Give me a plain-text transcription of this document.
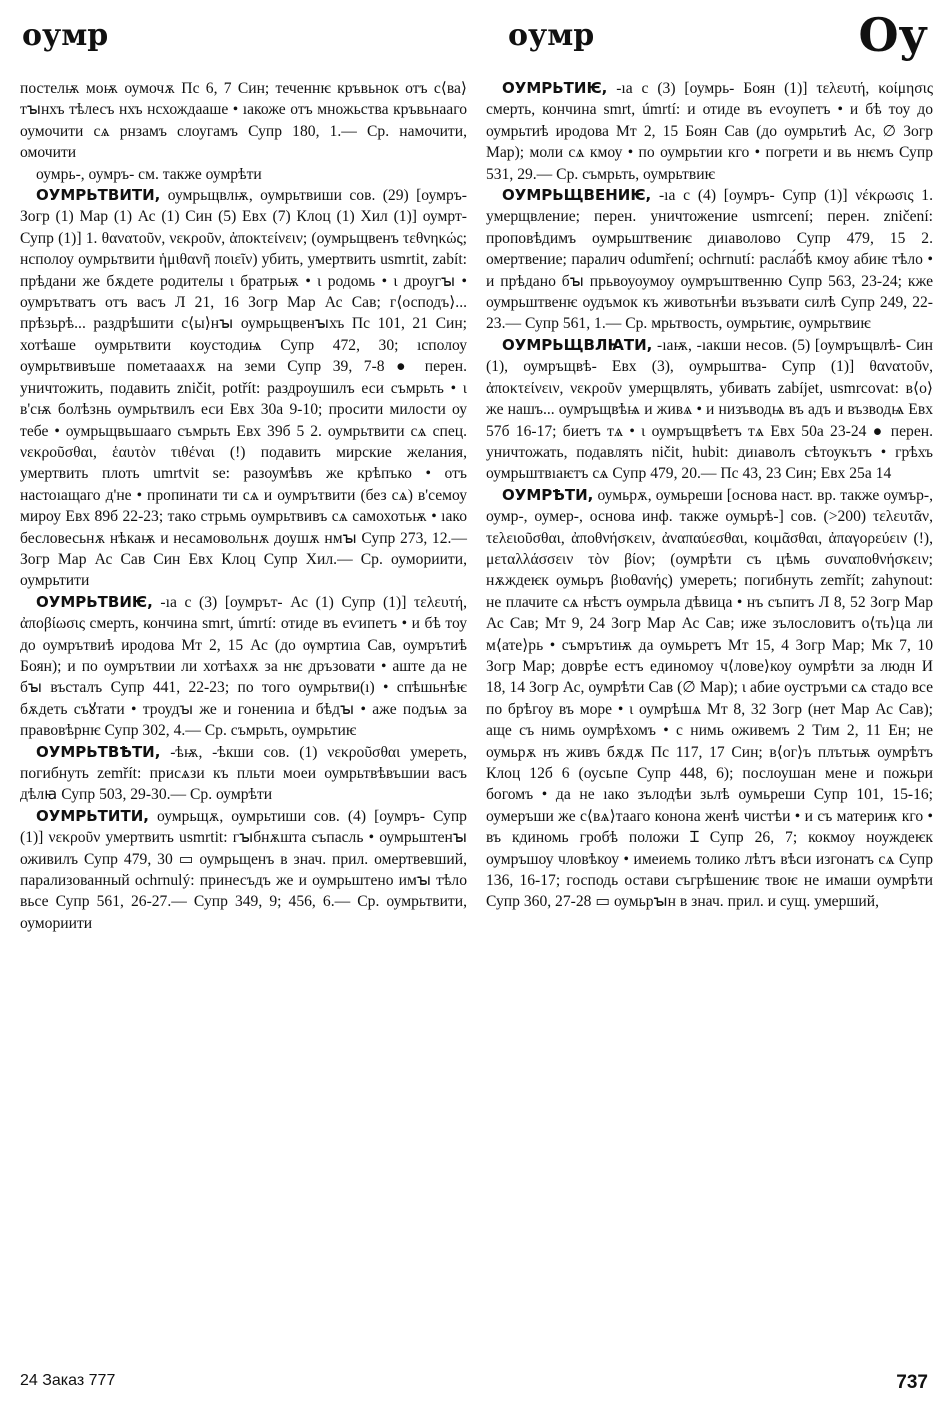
оумр	оумр	Оу

постелѭ моѭ оумочѫ Пс 6, 7 Син; теченнѥ кръвьнок отъ с⟨ва⟩тꙑнхъ тѣлесъ нхъ нсхождааше • ıакоже отъ множьства кръвьнааго оумочити сѧ рнзамъ слоугамъ Супр 180, 1.— Ср. намочити, омочити

оумрь-, оумръ- см. также оумрѣти

ОУМРЬТВИТИ, оумрьщвлѭ, оумрьтвиши сов. (29) [оумръ- Зогр (1) Мар (1) Ас (1) Син (5) Евх (7) Клоц (1) Хил (1)] оумрт- Супр (1)] 1. θανατοῦν, νεκροῦν, ἀποκτείνειν; (оумрьщвенъ τεθνηκώς; нсполоу оумрьтвити ἡμιθανῆ ποιεῖν) убить, умертвить usmrtit, zabít: прѣдани же бѫдете родителы ι братрьѭ • ι родомь • ι дроугꙑ • оумрътватъ отъ васъ Л 21, 16 Зогр Мар Ас Сав; г⟨осподъ⟩... прѣзьрѣ... раздрѣшити с⟨ы⟩нꙑ оумрьщвенꙑхъ Пс 101, 21 Син; хотѣаше оумрьтвити коустодиѩ Супр 472, 30; ıсполоу оумрьтвивъше пометааахѫ на земи Супр 39, 7-8 ● перен. уничтожить, подавить zničit, potřít: раздроушилъ еси съмрьть • ι в'сѭ болѣзнь оумрьтвилъ еси Евх 30а 9-10; просити милости оу тебе • оумрьщвьшааго съмрьть Евх 39б 5 2. оумрьтвити сѧ спец. νεκροῦσθαι, ἑαυτὸν τιθέναι (!) подавить мирские желания, умертвить плоть umrtvit se: разоумѣвъ же крѣпъко • отъ настоıащаго д'не • пропинати ти сѧ и оумрътвити (без сѧ) в'семоу мироу Евх 89б 22-23; тако стрьмь оумрьтвивъ сѧ самохотьѭ • ıако бесловесьнѫ нѣкаѭ и несамовольнѫ доушѫ нмꙑ Супр 273, 12.— Зогр Мар Ас Сав Син Евх Клоц Супр Хил.— Ср. оумориити, оумрьтити

ОУМРЬТВИѤ, -ıа с (3) [оумрът- Ас (1) Супр (1)] τελευτή, ἀποβίωσις смерть, кончина smrt, úmrtí: отиде въ еѵипетъ • и бѣ тоу до оумрътвиѣ иродова Мт 2, 15 Ас (до ѹмртиıа Сав, оумрътиѣ Боян); и по оумрътвии ли хотѣахѫ за нѥ дръзовати • аште да не бꙑ въсталъ Супр 441, 22-23; по того оумрьтви(ı) • спѣшьнѣѥ бѫдеть съꙋтати • троудꙑ же и гонениıа и бѣдꙑ • аже подъѩ за правовѣрнѥ Супр 302, 4.— Ср. съмрьть, оумрьтиѥ

ОУМРЬТВѢТИ, -ѣѭ, -ѣкши сов. (1) νεκροῦσθαι умереть, погибнуть zemřít: присѧзи къ пльти моеи оумрьтвѣвъшии васъ дѣлꙗ Супр 503, 29-30.— Ср. оумрѣти

ОУМРЬТИТИ, оумрьщѫ, оумрьтиши сов. (4) [оумръ- Супр (1)] νεκροῦν умертвить usmrtit: гꙑбнѫшта съпасль • оумрьштенꙑ оживилъ Супр 479, 30 ▭ оумрьщенъ в знач. прил. омертвевший, парализованный ochrnulý: принесъдъ же и оумрьштено имꙑ тѣло вьсе Супр 561, 26-27.— Супр 349, 9; 456, 6.— Ср. оумрьтвити, оумориити

ОУМРЬТИѤ, -ıа с (3) [оумрь- Боян (1)] τελευτή, κοίμησις смерть, кончина smrt, úmrtí: и отиде въ еѵоупетъ • и бѣ тоу до оумрьтиѣ иродова Мт 2, 15 Боян Сав (до оумрьтиѣ Ас, ∅ Зогр Мар); моли сѧ кмоу • по оумрьтии кго • погрети и вь нѥмъ Супр 531, 29.— Ср. съмрьть, оумрьтвиѥ

ОУМРЬЩВЕНИѤ, -ıа с (4) [оумръ- Супр (1)] νέκρωσις 1. умерщвление; перен. уничтожение usmrcení; перен. zničení: проповѣдимъ оумрьштвениѥ диıаволово Супр 479, 15 2. омертвение; паралич odumření; ochrnutí: расла́бѣ кмоу абиѥ тѣло • и прѣдано бꙑ прьвоуоумоу оумръштвенню Супр 563, 23-24; кже оумрьштвенѥ оудъмок къ животьнѣи възъвати силѣ Супр 249, 22-23.— Супр 561, 1.— Ср. мрьтвость, оумрьтиѥ, оумрьтвиѥ

ОУМРЬЩВЛꙖТИ, -ıаѭ, -ıакши несов. (5) [оумръщвлѣ- Син (1), оумръщвѣ- Евх (3), оумрьштва- Супр (1)] θανατοῦν, ἀποκτείνειν, νεκροῦν умерщвлять, убивать zabíjet, usmrcovat: в⟨о⟩же нашъ... оумръщвѣѩ и живѧ • и низъводѩ въ адъ и възводѩ Евх 57б 16-17; биетъ тѧ • ι оумръщвѣетъ тѧ Евх 50а 23-24 ● перен. уничтожать, подавлять ničit, hubit: диıаволъ сѣтоукътъ • грѣхъ оумрьштвıаѥтъ сѧ Супр 479, 20.— Пс 43, 23 Син; Евх 25а 14

ОУМРѢТИ, оумьрѫ, оумьреши [основа наст. вр. также оумър-, оумр-, оумер-, основа инф. также оумьрѣ-] сов. (>200) τελευτᾶν, τελειοῦσθαι, ἀποθνήσκειν, ἀναπαύεσθαι, κοιμᾶσθαι, ἀπαγορεύειν (!), μεταλλάσσειν τὸν βίον; (оумрѣти съ цѣмь συναποθνήσκειν; нѫждеѥк оумьръ βιοθανής) умереть; погибнуть zemřít; zahynout: не плачите сѧ нѣстъ оумрьла дѣвица • нъ съпитъ Л 8, 52 Зогр Мар Ас Сав; Мт 9, 24 Зогр Мар Ас Сав; иже зълословитъ о⟨ть⟩ца ли м⟨ате⟩рь • съмрътиѭ да оумьретъ Мт 15, 4 Зогр Мар; Мк 7, 10 Зогр Мар; доврѣе естъ единомоу ч⟨лове⟩коу оумрѣти за людн И 18, 14 Зогр Ас, оумрѣти Сав (∅ Мар); ι абие оустръми сѧ стадо все по брѣгоу въ море • ι оумрѣшѧ Мт 8, 32 Зогр (нет Мар Ас Сав); аще съ нимь оумрѣхомъ • с нимь оживемъ 2 Тим 2, 11 Ен; не оумьрѫ нъ живъ бѫдѫ Пс 117, 17 Син; в⟨ог⟩ъ плътьѭ оумрѣтъ Клоц 12б 6 (оусьпе Супр 448, 6); послоушан мене и пожьри богомъ • да не ıако зълодѣи зьлѣ оумьреши Супр 101, 15-16; оумеръши же с⟨вѧ⟩тааго конона женѣ чистѣи • и съ материѭ кго • въ кдиномь гробѣ положи Ɪ Супр 26, 7; кокмоу ноуждеѥк оумръшоу чловѣкоу • имеиемь толико лѣтъ вѣси изгонатъ сѧ Супр 136, 16-17; господь остави съгрѣшениѥ твоѥ не имаши оумрѣти Супр 360, 27-28 ▭ оумьрꙑн в знач. прил. и сущ. умерший,

24 Заказ 777	737
